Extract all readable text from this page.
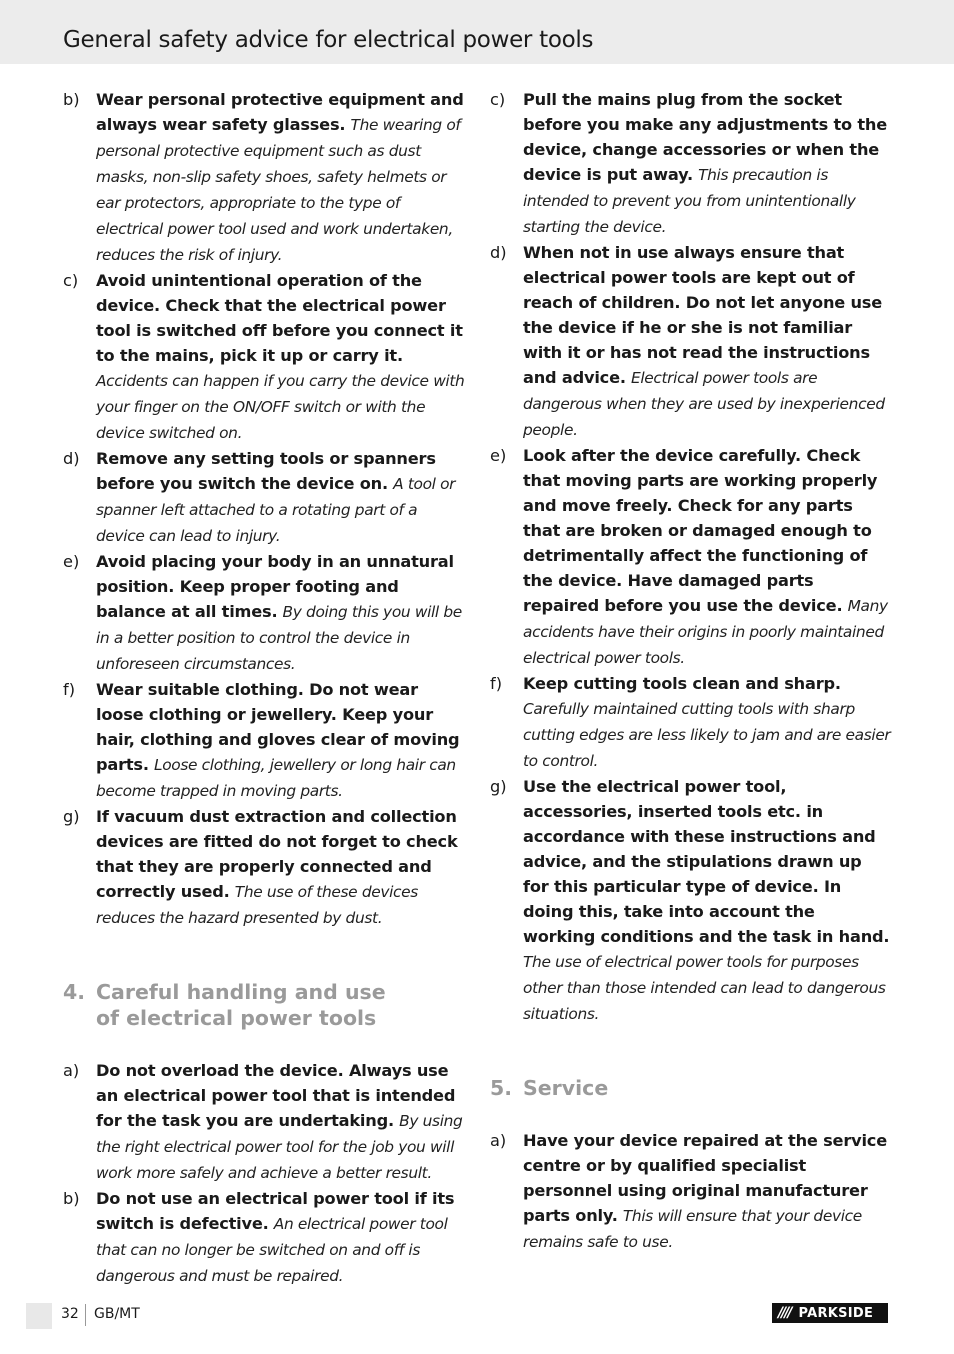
General safety advice for electrical power tools
b)	Wear personal protective equipment and always wear safety glasses. The wearing of personal protective equipment such as dust masks, non-slip safety shoes, safety helmets or ear protectors, appropriate to the type of electrical power tool used and work undertaken, reduces the risk of injury.
c)	Avoid unintentional operation of the device. Check that the electrical power tool is switched off before you connect it to the mains, pick it up or carry it. Accidents can happen if you carry the device with your finger on the ON/OFF switch or with the device switched on.
d)	Remove any setting tools or spanners before you switch the device on. A tool or spanner left attached to a rotating part of a device can lead to injury.
e)	Avoid placing your body in an unnatural position. Keep proper footing and balance at all times. By doing this you will be in a better position to control the device in unforeseen circumstances.
f)	Wear suitable clothing. Do not wear loose clothing or jewellery. Keep your hair, clothing and gloves clear of moving parts. Loose clothing, jewellery or long hair can become trapped in moving parts.
g)	If vacuum dust extraction and collection devices are fitted do not forget to check that they are properly connected and correctly used. The use of these devices reduces the hazard presented by dust.
4. Careful handling and use
of electrical power tools
a)	Do not overload the device. Always use an electrical power tool that is intended for the task you are undertaking. By using the right electrical power tool for the job you will work more safely and achieve a better result.
b)	Do not use an electrical power tool if its switch is defective. An electrical power tool that can no longer be switched on and off is dangerous and must be repaired.
c)	Pull the mains plug from the socket before you make any adjustments to the device, change accessories or when the device is put away. This precaution is intended to prevent you from unintentionally starting the device.
d)	When not in use always ensure that electrical power tools are kept out of reach of children. Do not let anyone use the device if he or she is not familiar with it or has not read the instructions and advice. Electrical power tools are dangerous when they are used by inexperienced people.
e)	Look after the device carefully. Check that moving parts are working properly and move freely. Check for any parts that are broken or damaged enough to detrimentally affect the functioning of the device. Have damaged parts repaired before you use the device. Many accidents have their origins in poorly maintained electrical power tools.
f)	Keep cutting tools clean and sharp. Carefully maintained cutting tools with sharp cutting edges are less likely to jam and are easier to control.
g)	Use the electrical power tool, accessories, inserted tools etc. in accordance with these instructions and advice, and the stipulations drawn up for this particular type of device. In doing this, take into account the working conditions and the task in hand. The use of electrical power tools for purposes other than those intended can lead to dangerous situations.
5. Service
a)	Have your device repaired at the service centre or by qualified specialist personnel using original manufacturer parts only. This will ensure that your device remains safe to use.
32 GB/MT	//// PARKSIDE
